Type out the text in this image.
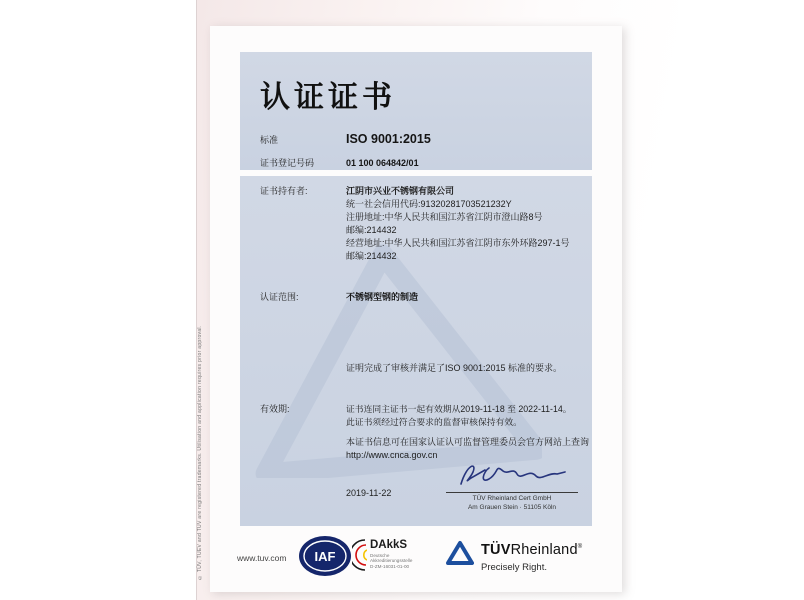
© TÜV, TUEV and TUV are registered trademarks. Utilisation and application requires prior approval.
认证证书
标准	ISO 9001:2015
证书登记号码	01 100 064842/01
证书持有者:	江阴市兴业不锈钢有限公司
统一社会信用代码:91320281703521232Y
注册地址:中华人民共和国江苏省江阴市澄山路8号
邮编:214432
经营地址:中华人民共和国江苏省江阴市东外环路297-1号
邮编:214432
认证范围:	不锈钢型钢的制造
证明完成了审核并满足了ISO 9001:2015 标准的要求。
有效期:	证书连同主证书一起有效期从2019-11-18 至 2022-11-14。
此证书须经过符合要求的监督审核保持有效。
本证书信息可在国家认证认可监督管理委员会官方网站上查询
http://www.cnca.gov.cn
2019-11-22
TÜV Rheinland Cert GmbH
Am Grauen Stein · 51105 Köln
www.tuv.com IAF
DAkkS
Deutsche
Akkreditierungsstelle
D-ZM-16031-01-00
TÜVRheinland®
Precisely Right.
